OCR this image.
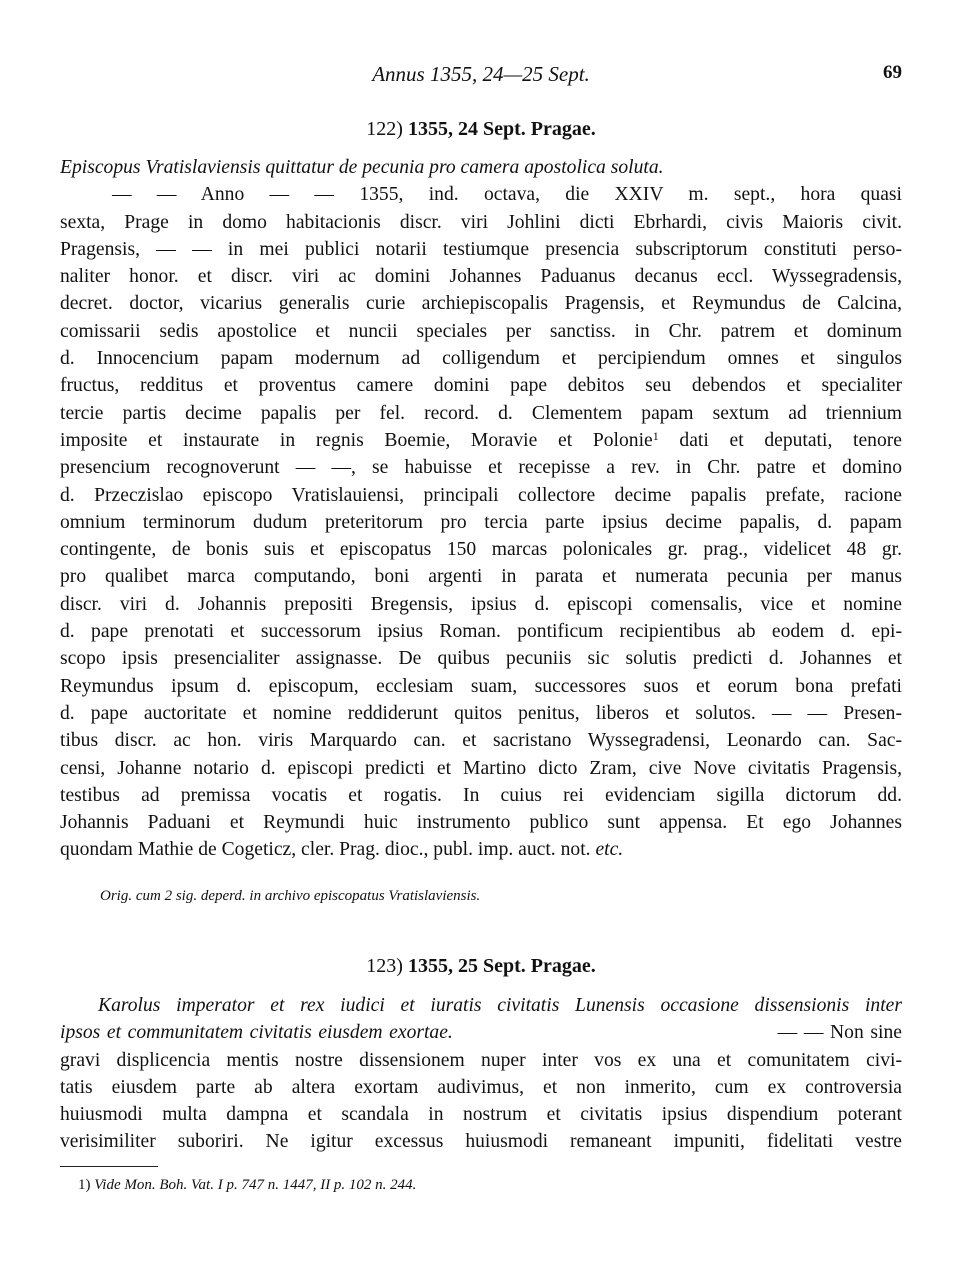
Annus 1355, 24—25 Sept.	69
122) 1355, 24 Sept. Pragae.
Episcopus Vratislaviensis quittatur de pecunia pro camera apostolica soluta.
— — Anno — — 1355, ind. octava, die XXIV m. sept., hora quasi
sexta, Prage in domo habitacionis discr. viri Johlini dicti Ebrhardi, civis Maioris civit.
Pragensis, — — in mei publici notarii testiumque presencia subscriptorum constituti perso-
naliter honor. et discr. viri ac domini Johannes Paduanus decanus eccl. Wyssegradensis,
decret. doctor, vicarius generalis curie archiepiscopalis Pragensis, et Reymundus de Calcina,
comissarii sedis apostolice et nuncii speciales per sanctiss. in Chr. patrem et dominum
d. Innocencium papam modernum ad colligendum et percipiendum omnes et singulos
fructus, redditus et proventus camere domini pape debitos seu debendos et specialiter
tercie partis decime papalis per fel. record. d. Clementem papam sextum ad triennium
imposite et instaurate in regnis Boemie, Moravie et Polonie$^1$ dati et deputati, tenore
presencium recognoverunt — —, se habuisse et recepisse a rev. in Chr. patre et domino
d. Przeczislao episcopo Vratislauiensi, principali collectore decime papalis prefate, racione
omnium terminorum dudum preteritorum pro tercia parte ipsius decime papalis, d. papam
contingente, de bonis suis et episcopatus 150 marcas polonicales gr. prag., videlicet 48 gr.
pro qualibet marca computando, boni argenti in parata et numerata pecunia per manus
discr. viri d. Johannis prepositi Bregensis, ipsius d. episcopi comensalis, vice et nomine
d. pape prenotati et successorum ipsius Roman. pontificum recipientibus ab eodem d. epi-
scopo ipsis presencialiter assignasse. De quibus pecuniis sic solutis predicti d. Johannes et
Reymundus ipsum d. episcopum, ecclesiam suam, successores suos et eorum bona prefati
d. pape auctoritate et nomine reddiderunt quitos penitus, liberos et solutos. — — Presen-
tibus discr. ac hon. viris Marquardo can. et sacristano Wyssegradensi, Leonardo can. Sac-
censi, Johanne notario d. episcopi predicti et Martino dicto Zram, cive Nove civitatis Pragensis,
testibus ad premissa vocatis et rogatis. In cuius rei evidenciam sigilla dictorum dd.
Johannis Paduani et Reymundi huic instrumento publico sunt appensa. Et ego Johannes
quondam Mathie de Cogeticz, cler. Prag. dioc., publ. imp. auct. not. etc.
Orig. cum 2 sig. deperd. in archivo episcopatus Vratislaviensis.
123) 1355, 25 Sept. Pragae.
Karolus imperator et rex iudici et iuratis civitatis Lunensis occasione dissensionis inter
ipsos et communitatem civitatis eiusdem exortae.	— — Non sine
gravi displicencia mentis nostre dissensionem nuper inter vos ex una et comunitatem civi-
tatis eiusdem parte ab altera exortam audivimus, et non inmerito, cum ex controversia
huiusmodi multa dampna et scandala in nostrum et civitatis ipsius dispendium poterant
verisimiliter suboriri. Ne igitur excessus huiusmodi remaneant impuniti, fidelitati vestre
1) Vide Mon. Boh. Vat. I p. 747 n. 1447, II p. 102 n. 244.
